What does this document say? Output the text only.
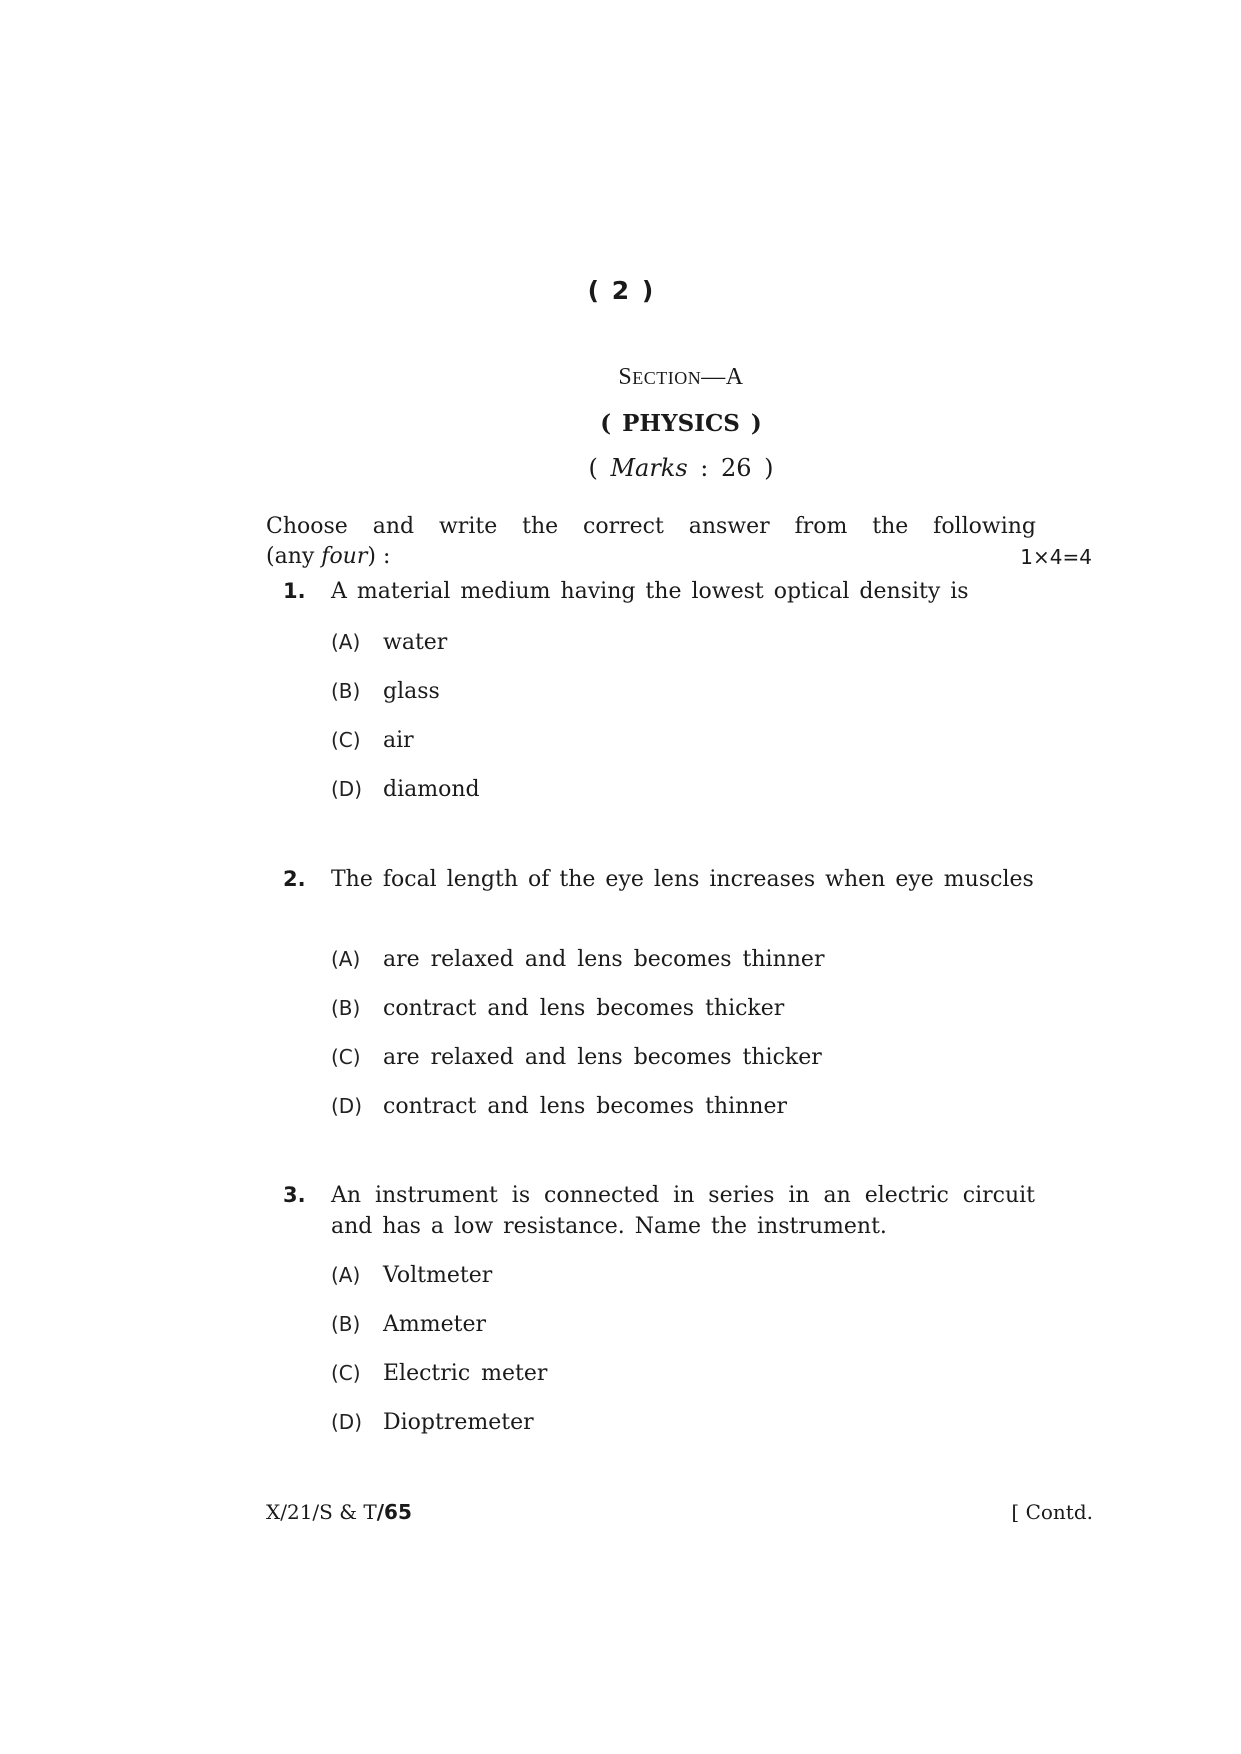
( 2 )
SECTION—A
( PHYSICS )
( Marks : 26 )
Choose and write the correct answer from the following
(any four) :	1×4=4
1. A material medium having the lowest optical density is
(A) water
(B) glass
(C) air
(D) diamond
2. The focal length of the eye lens increases when eye muscles
(A) are relaxed and lens becomes thinner
(B) contract and lens becomes thicker
(C) are relaxed and lens becomes thicker
(D) contract and lens becomes thinner
3. An instrument is connected in series in an electric circuit and has a low resistance. Name the instrument.
(A) Voltmeter
(B) Ammeter
(C) Electric meter
(D) Dioptremeter
X/21/S & T/65	[ Contd.
